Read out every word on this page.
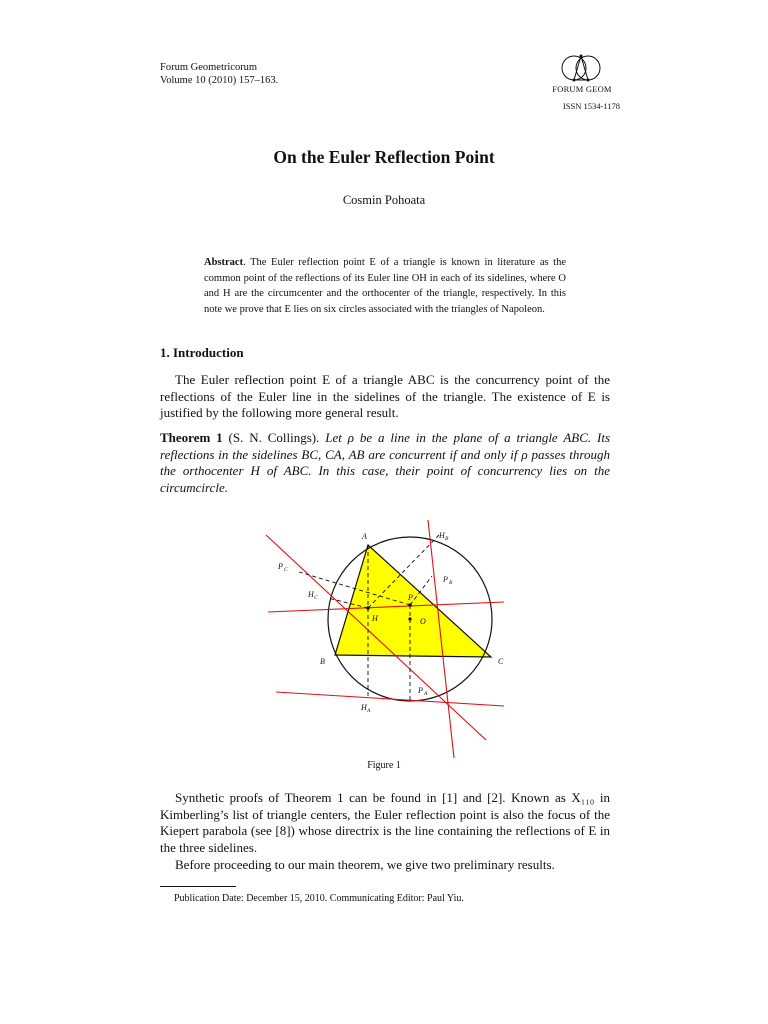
Forum Geometricorum
Volume 10 (2010) 157–163.
FORUM GEOM
ISSN 1534-1178
On the Euler Reflection Point
Cosmin Pohoata
Abstract. The Euler reflection point E of a triangle is known in literature as the common point of the reflections of its Euler line OH in each of its sidelines, where O and H are the circumcenter and the orthocenter of the triangle, respectively. In this note we prove that E lies on six circles associated with the triangles of Napoleon.
1. Introduction
The Euler reflection point E of a triangle ABC is the concurrency point of the reflections of the Euler line in the sidelines of the triangle. The existence of E is justified by the following more general result.
Theorem 1 (S. N. Collings). Let ρ be a line in the plane of a triangle ABC. Its reflections in the sidelines BC, CA, AB are concurrent if and only if ρ passes through the orthocenter H of ABC. In this case, their point of concurrency lies on the circumcircle.
A
B	C
H	O
P
H A
H B
H C
P A
P B
P C
Figure 1
Synthetic proofs of Theorem 1 can be found in [1] and [2]. Known as X₁₁₀ in Kimberling’s list of triangle centers, the Euler reflection point is also the focus of the Kiepert parabola (see [8]) whose directrix is the line containing the reflections of E in the three sidelines.
Before proceeding to our main theorem, we give two preliminary results.
Publication Date: December 15, 2010. Communicating Editor: Paul Yiu.
